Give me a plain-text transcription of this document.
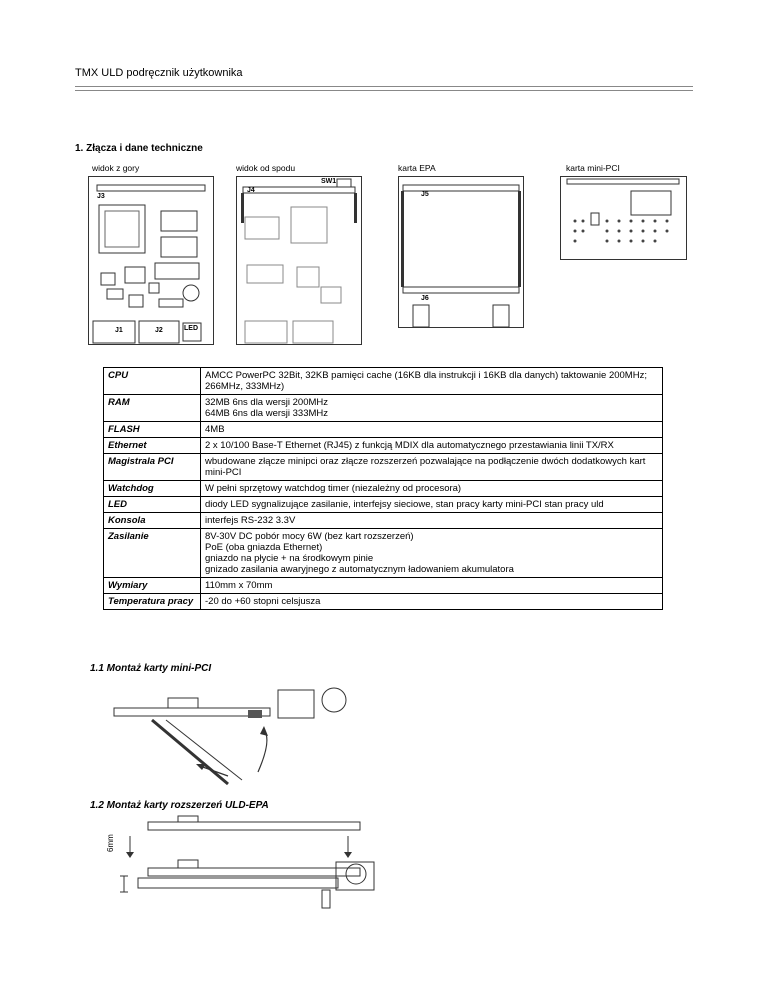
TMX ULD podręcznik użytkownika
1. Złącza i dane techniczne
widok z gory	widok od spodu	karta EPA	karta mini-PCI
J3
J1	J2	LED
SW1
J4
J5
J6
CPU	AMCC PowerPC 32Bit, 32KB pamięci cache (16KB dla instrukcji i 16KB dla danych) taktowanie 200MHz; 266MHz, 333MHz)
RAM	32MB 6ns dla wersji 200MHz
64MB 6ns dla wersji 333MHz
FLASH	4MB
Ethernet	2 x 10/100 Base-T Ethernet (RJ45) z funkcją MDIX dla automatycznego przestawiania linii TX/RX
Magistrala PCI	wbudowane złącze minipci oraz złącze rozszerzeń pozwalające na podłączenie dwóch dodatkowych kart mini-PCI
Watchdog	W pełni sprzętowy watchdog timer (niezależny od procesora)
LED	diody LED sygnalizujące zasilanie, interfejsy sieciowe, stan pracy karty mini-PCI stan pracy uld
Konsola	interfejs RS-232 3.3V
Zasilanie	8V-30V DC pobór mocy 6W (bez kart rozszerzeń)
PoE (oba gniazda Ethernet)
gniazdo na płycie + na środkowym pinie
gnizado zasilania awaryjnego z automatycznym ładowaniem akumulatora
Wymiary	110mm x 70mm
Temperatura pracy	-20 do +60 stopni celsjusza
1.1 Montaż karty mini-PCI
1.2 Montaż karty rozszerzeń ULD-EPA
6mm
